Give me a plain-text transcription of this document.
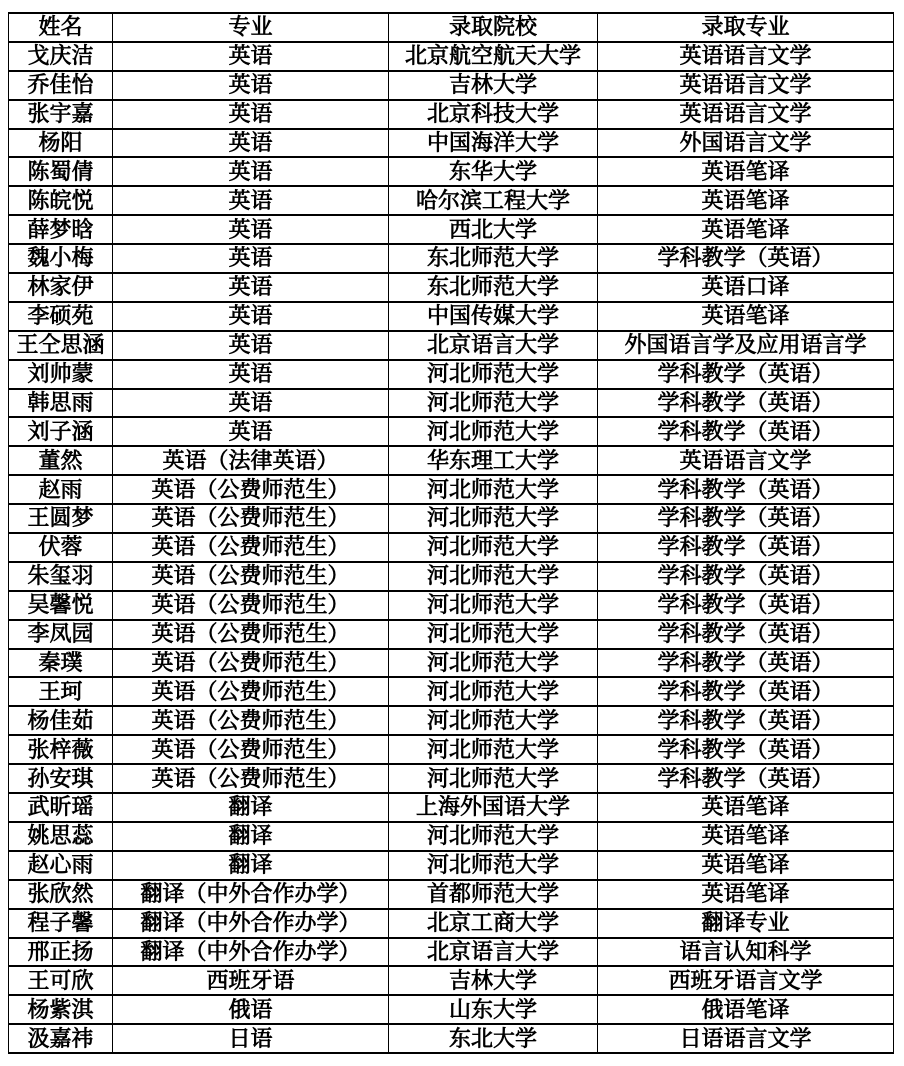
姓名	专业	录取院校	录取专业
戈庆洁	英语	北京航空航天大学	英语语言文学
乔佳怡	英语	吉林大学	英语语言文学
张宇嘉	英语	北京科技大学	英语语言文学
杨阳	英语	中国海洋大学	外国语言文学
陈蜀倩	英语	东华大学	英语笔译
陈皖悦	英语	哈尔滨工程大学	英语笔译
薛梦晗	英语	西北大学	英语笔译
魏小梅	英语	东北师范大学	学科教学（英语）
林家伊	英语	东北师范大学	英语口译
李硕苑	英语	中国传媒大学	英语笔译
王仝思涵	英语	北京语言大学	外国语言学及应用语言学
刘帅蒙	英语	河北师范大学	学科教学（英语）
韩思雨	英语	河北师范大学	学科教学（英语）
刘子涵	英语	河北师范大学	学科教学（英语）
董然	英语（法律英语）	华东理工大学	英语语言文学
赵雨	英语（公费师范生）	河北师范大学	学科教学（英语）
王圆梦	英语（公费师范生）	河北师范大学	学科教学（英语）
伏蓉	英语（公费师范生）	河北师范大学	学科教学（英语）
朱玺羽	英语（公费师范生）	河北师范大学	学科教学（英语）
吴馨悦	英语（公费师范生）	河北师范大学	学科教学（英语）
李凤园	英语（公费师范生）	河北师范大学	学科教学（英语）
秦璞	英语（公费师范生）	河北师范大学	学科教学（英语）
王珂	英语（公费师范生）	河北师范大学	学科教学（英语）
杨佳茹	英语（公费师范生）	河北师范大学	学科教学（英语）
张梓薇	英语（公费师范生）	河北师范大学	学科教学（英语）
孙安琪	英语（公费师范生）	河北师范大学	学科教学（英语）
武昕瑶	翻译	上海外国语大学	英语笔译
姚思蕊	翻译	河北师范大学	英语笔译
赵心雨	翻译	河北师范大学	英语笔译
张欣然	翻译（中外合作办学）	首都师范大学	英语笔译
程子馨	翻译（中外合作办学）	北京工商大学	翻译专业
邢正扬	翻译（中外合作办学）	北京语言大学	语言认知科学
王可欣	西班牙语	吉林大学	西班牙语言文学
杨紫淇	俄语	山东大学	俄语笔译
汲嘉祎	日语	东北大学	日语语言文学
